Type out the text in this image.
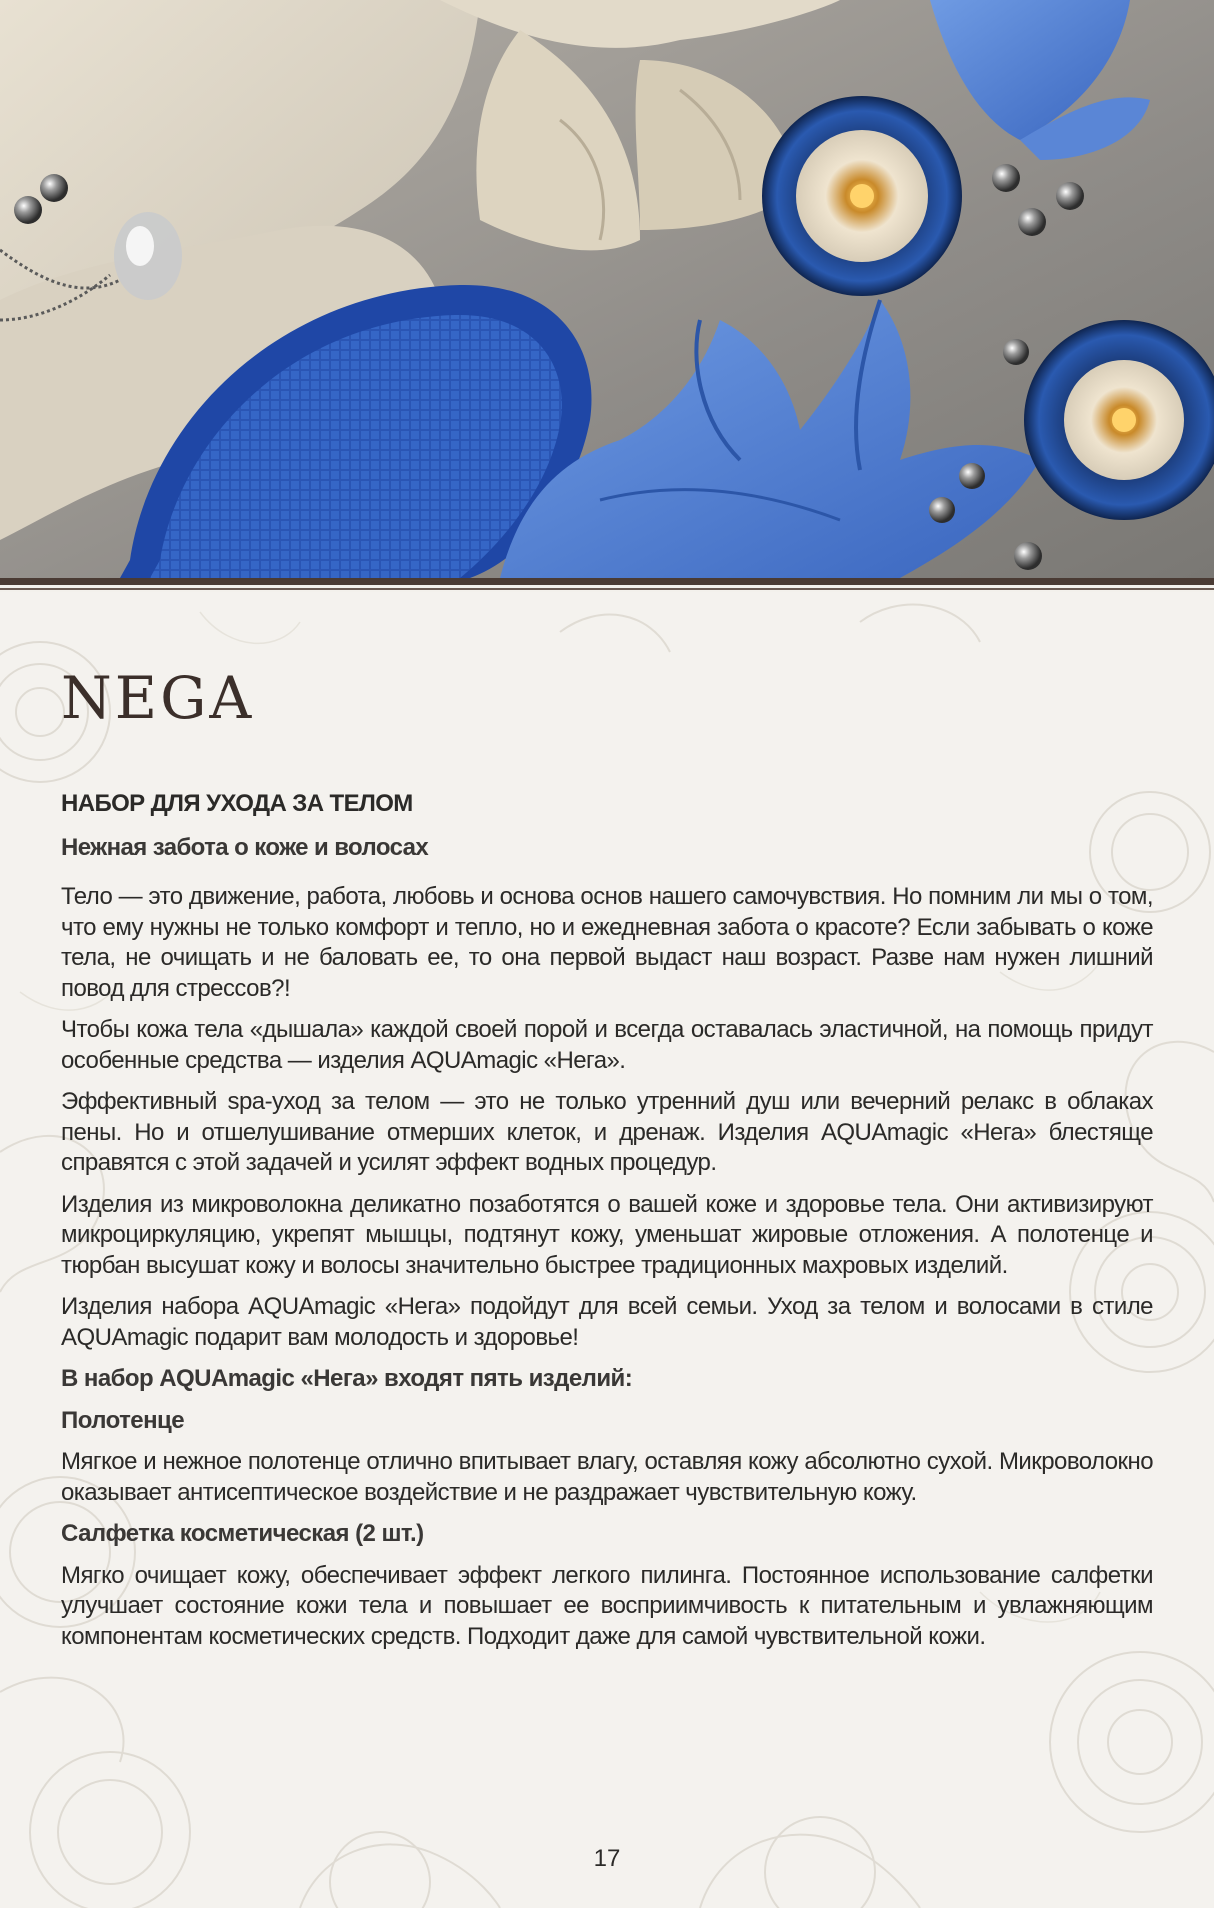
NEGA
НАБОР ДЛЯ УХОДА ЗА ТЕЛОМ
Нежная забота о коже и волосах

Тело — это движение, работа, любовь и основа основ нашего самочувствия. Но помним ли мы о том, что ему нужны не только комфорт и тепло, но и ежедневная забота о красоте? Если забывать о коже тела, не очищать и не баловать ее, то она первой выдаст наш возраст. Разве нам нужен лишний повод для стрессов?!

Чтобы кожа тела «дышала» каждой своей порой и всегда оставалась эластичной, на помощь придут особенные средства — изделия AQUAmagic «Нега».

Эффективный spa-уход за телом — это не только утренний душ или вечерний релакс в облаках пены. Но и отшелушивание отмерших клеток, и дренаж. Изделия AQUAmagic «Нега» блестяще справятся с этой задачей и усилят эффект водных процедур.

Изделия из микроволокна деликатно позаботятся о вашей коже и здоровье тела. Они активизируют микроциркуляцию, укрепят мышцы, подтянут кожу, уменьшат жировые отложения. А полотенце и тюрбан высушат кожу и волосы значительно быстрее традиционных махровых изделий.

Изделия набора AQUAmagic «Нега» подойдут для всей семьи. Уход за телом и волосами в стиле AQUAmagic подарит вам молодость и здоровье!

В набор AQUAmagic «Нега» входят пять изделий:

Полотенце

Мягкое и нежное полотенце отлично впитывает влагу, оставляя кожу абсолютно сухой. Микроволокно оказывает антисептическое воздействие и не раздражает чувствительную кожу.

Салфетка косметическая (2 шт.)

Мягко очищает кожу, обеспечивает эффект легкого пилинга. Постоянное использование салфетки улучшает состояние кожи тела и повышает ее восприимчивость к питательным и увлажняющим компонентам косметических средств. Подходит даже для самой чувствительной кожи.

17
